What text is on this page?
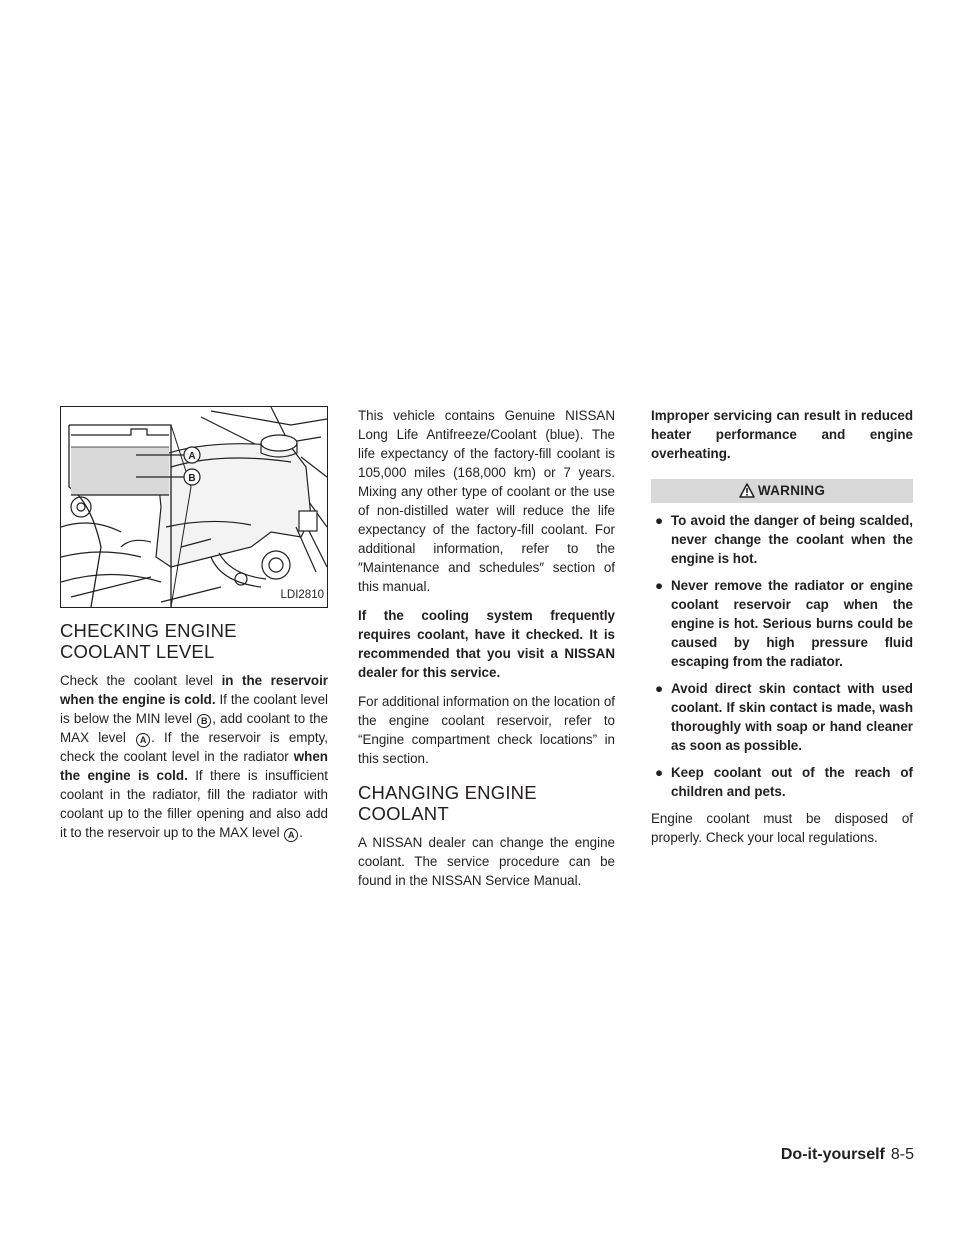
A
B
LDI2810
CHECKING ENGINE COOLANT LEVEL

Check the coolant level in the reservoir when the engine is cold. If the coolant level is below the MIN level B , add coolant to the MAX level A . If the reservoir is empty, check the coolant level in the radiator when the engine is cold. If there is insufficient coolant in the radiator, fill the radiator with coolant up to the filler opening and also add it to the reservoir up to the MAX level A .

This vehicle contains Genuine NISSAN Long Life Antifreeze/Coolant (blue). The life expectancy of the factory-fill coolant is 105,000 miles (168,000 km) or 7 years. Mixing any other type of coolant or the use of non-distilled water will reduce the life expectancy of the factory-fill coolant. For additional information, refer to the ″Maintenance and schedules″ section of this manual.

If the cooling system frequently requires coolant, have it checked. It is recommended that you visit a NISSAN dealer for this service.

For additional information on the location of the engine coolant reservoir, refer to “Engine compartment check locations” in this section.

CHANGING ENGINE COOLANT

A NISSAN dealer can change the engine coolant. The service procedure can be found in the NISSAN Service Manual.

Improper servicing can result in reduced heater performance and engine overheating.

WARNING
● To avoid the danger of being scalded, never change the coolant when the engine is hot.
● Never remove the radiator or engine coolant reservoir cap when the engine is hot. Serious burns could be caused by high pressure fluid escaping from the radiator.
● Avoid direct skin contact with used coolant. If skin contact is made, wash thoroughly with soap or hand cleaner as soon as possible.
● Keep coolant out of the reach of children and pets.

Engine coolant must be disposed of properly. Check your local regulations.

Do-it-yourself 8-5
